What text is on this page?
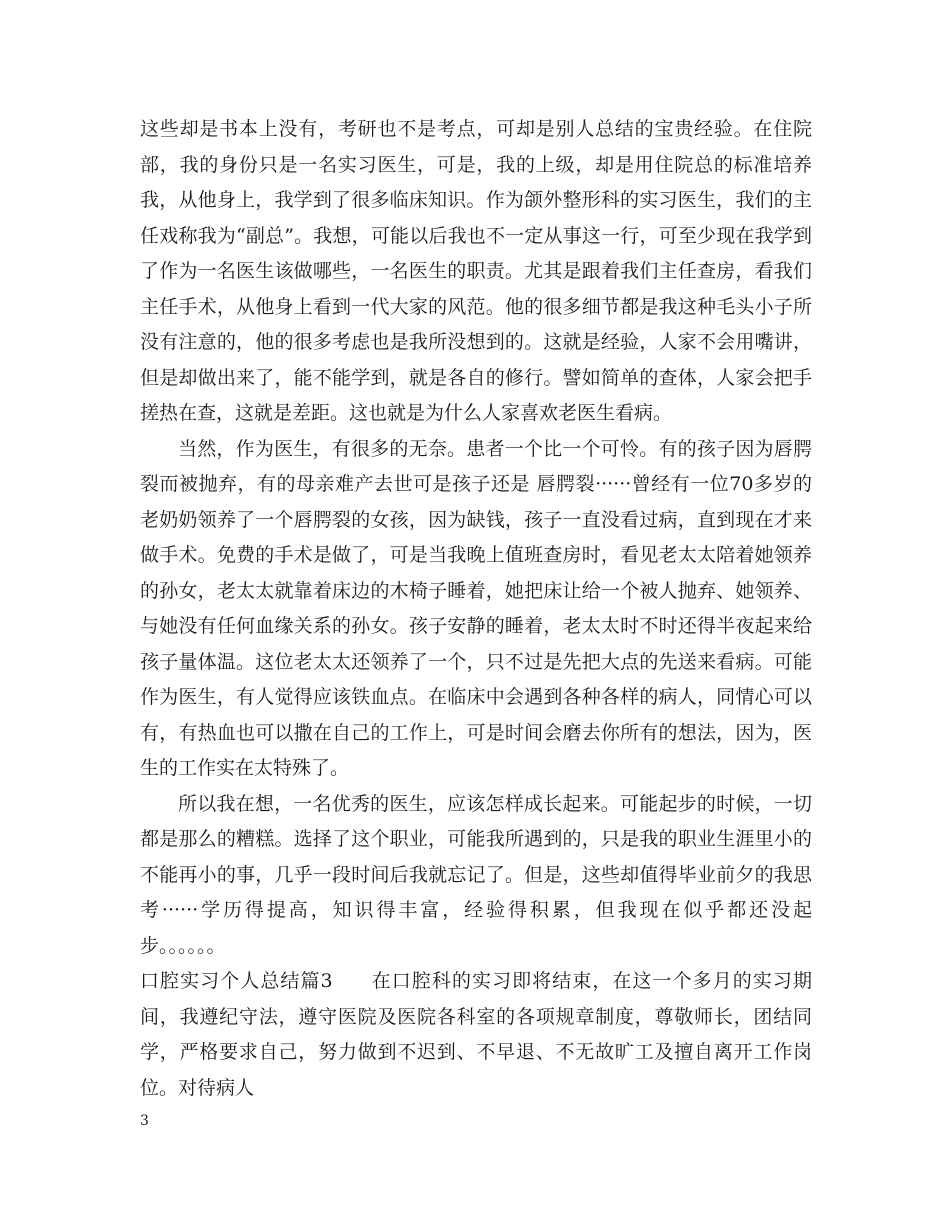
这些却是书本上没有，考研也不是考点，可却是别人总结的宝贵经验。在住院部，我的身份只是一名实习医生，可是，我的上级，却是用住院总的标准培养我，从他身上，我学到了很多临床知识。作为颌外整形科的实习医生，我们的主任戏称我为“副总”。我想，可能以后我也不一定从事这一行，可至少现在我学到了作为一名医生该做哪些，一名医生的职责。尤其是跟着我们主任查房，看我们主任手术，从他身上看到一代大家的风范。他的很多细节都是我这种毛头小子所没有注意的，他的很多考虑也是我所没想到的。这就是经验，人家不会用嘴讲，但是却做出来了，能不能学到，就是各自的修行。譬如简单的查体，人家会把手搓热在查，这就是差距。这也就是为什么人家喜欢老医生看病。

当然，作为医生，有很多的无奈。患者一个比一个可怜。有的孩子因为唇腭裂而被抛弃，有的母亲难产去世可是孩子还是 唇腭裂······曾经有一位70多岁的老奶奶领养了一个唇腭裂的女孩，因为缺钱，孩子一直没看过病，直到现在才来做手术。免费的手术是做了，可是当我晚上值班查房时，看见老太太陪着她领养的孙女，老太太就靠着床边的木椅子睡着，她把床让给一个被人抛弃、她领养、与她没有任何血缘关系的孙女。孩子安静的睡着，老太太时不时还得半夜起来给孩子量体温。这位老太太还领养了一个，只不过是先把大点的先送来看病。可能作为医生，有人觉得应该铁血点。在临床中会遇到各种各样的病人，同情心可以有，有热血也可以撒在自己的工作上，可是时间会磨去你所有的想法，因为，医生的工作实在太特殊了。

所以我在想，一名优秀的医生，应该怎样成长起来。可能起步的时候，一切都是那么的糟糕。选择了这个职业，可能我所遇到的，只是我的职业生涯里小的不能再小的事，几乎一段时间后我就忘记了。但是，这些却值得毕业前夕的我思考······学历得提高，知识得丰富，经验得积累，但我现在似乎都还没起步。。。。。。

口腔实习个人总结篇3 在口腔科的实习即将结束，在这一个多月的实习期间，我遵纪守法，遵守医院及医院各科室的各项规章制度，尊敬师长，团结同学，严格要求自己，努力做到不迟到、不早退、不无故旷工及擅自离开工作岗位。对待病人

3
